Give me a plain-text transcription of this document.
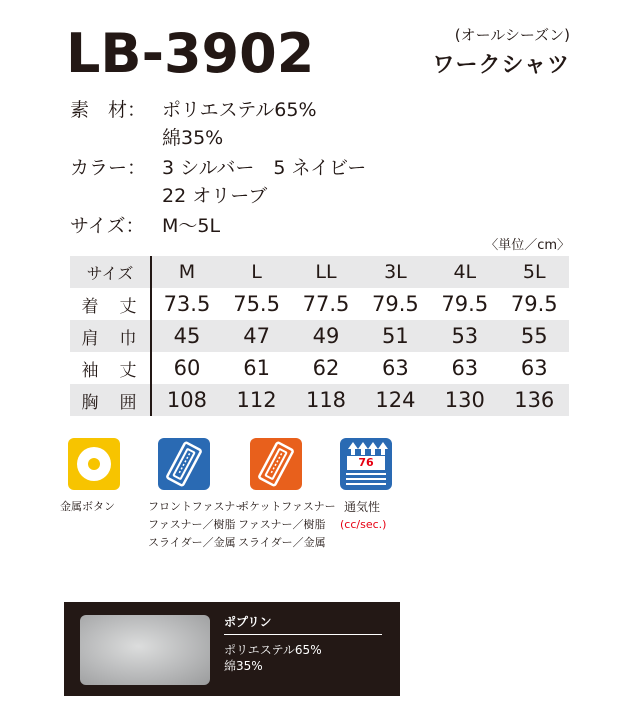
LB-3902	(オールシーズン)
ワークシャツ
素　材： ポリエステル65%
綿35%
カラー： 3 シルバー　5 ネイビー
22 オリーブ
サイズ： M〜5L
〈単位／cm〉
サイズ	M	L	LL	3L	4L	5L
着　丈	73.5	75.5	77.5	79.5	79.5	79.5
肩　巾	45	47	49	51	53	55
袖　丈	60	61	62	63	63	63
胸　囲	108	112	118	124	130	136
金属ボタン	フロントファスナー
ファスナー／樹脂
スライダー／金属
ポケットファスナー
ファスナー／樹脂
スライダー／金属
76
通気性
(cc/sec.)
ポプリン
ポリエステル65%
綿35%
